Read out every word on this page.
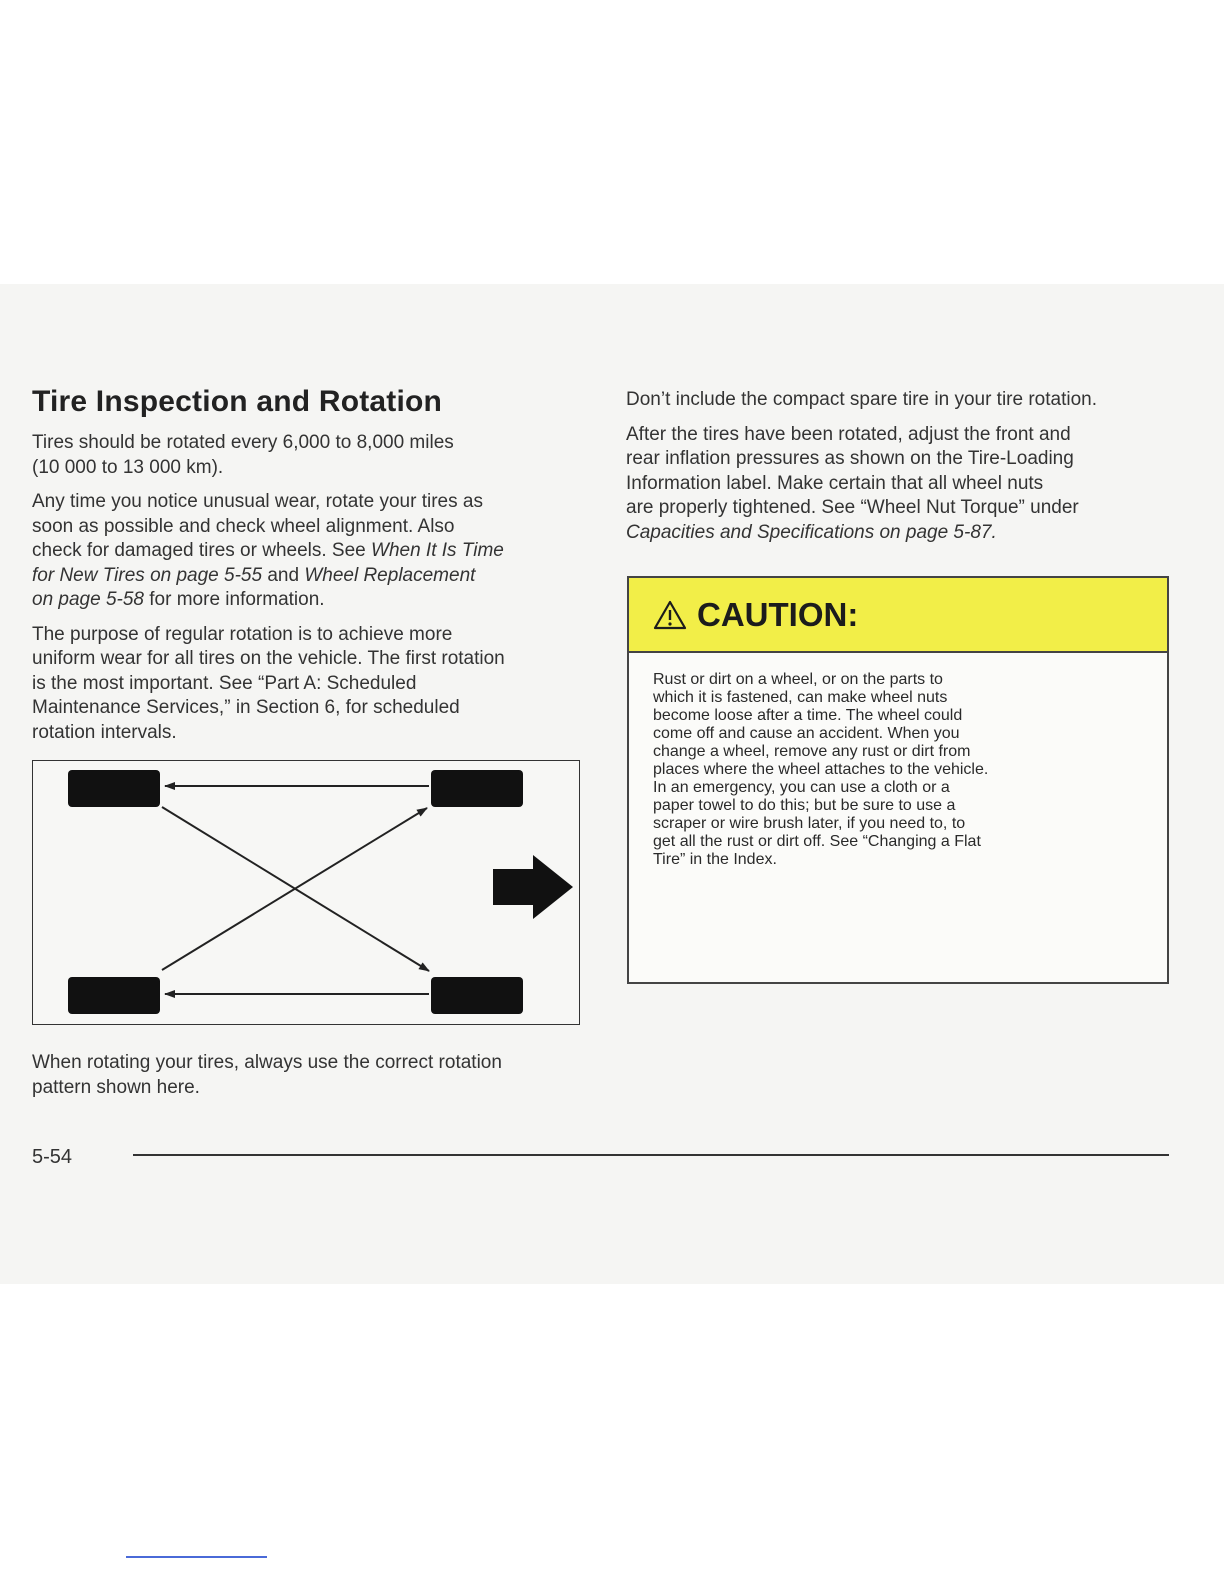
Tire Inspection and Rotation

Tires should be rotated every 6,000 to 8,000 miles
(10 000 to 13 000 km).

Any time you notice unusual wear, rotate your tires as
soon as possible and check wheel alignment. Also
check for damaged tires or wheels. See When It Is Time
for New Tires on page 5-55 and Wheel Replacement
on page 5-58 for more information.

The purpose of regular rotation is to achieve more
uniform wear for all tires on the vehicle. The first rotation
is the most important. See “Part A: Scheduled
Maintenance Services,” in Section 6, for scheduled
rotation intervals.

When rotating your tires, always use the correct rotation
pattern shown here.

Don’t include the compact spare tire in your tire rotation.

After the tires have been rotated, adjust the front and
rear inflation pressures as shown on the Tire-Loading
Information label. Make certain that all wheel nuts
are properly tightened. See “Wheel Nut Torque” under
Capacities and Specifications on page 5-87.

CAUTION:
Rust or dirt on a wheel, or on the parts to
which it is fastened, can make wheel nuts
become loose after a time. The wheel could
come off and cause an accident. When you
change a wheel, remove any rust or dirt from
places where the wheel attaches to the vehicle.
In an emergency, you can use a cloth or a
paper towel to do this; but be sure to use a
scraper or wire brush later, if you need to, to
get all the rust or dirt off. See “Changing a Flat
Tire” in the Index.
5-54
